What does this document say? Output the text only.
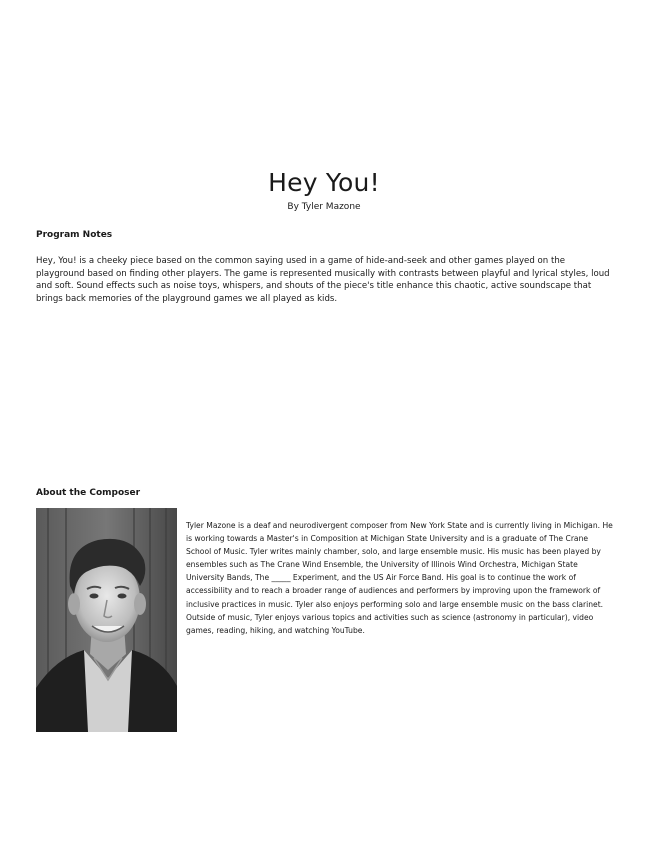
Hey You!
By Tyler Mazone
Program Notes

Hey, You! is a cheeky piece based on the common saying used in a game of hide-and-seek and other games played on the playground based on finding other players. The game is represented musically with contrasts between playful and lyrical styles, loud and soft. Sound effects such as noise toys, whispers, and shouts of the piece's title enhance this chaotic, active soundscape that brings back memories of the playground games we all played as kids.

About the Composer

Tyler Mazone is a deaf and neurodivergent composer from New York State and is currently living in Michigan. He is working towards a Master's in Composition at Michigan State University and is a graduate of The Crane School of Music. Tyler writes mainly chamber, solo, and large ensemble music. His music has been played by ensembles such as The Crane Wind Ensemble, the University of Illinois Wind Orchestra, Michigan State University Bands, The _____ Experiment, and the US Air Force Band. His goal is to continue the work of accessibility and to reach a broader range of audiences and performers by improving upon the framework of inclusive practices in music. Tyler also enjoys performing solo and large ensemble music on the bass clarinet. Outside of music, Tyler enjoys various topics and activities such as science (astronomy in particular), video games, reading, hiking, and watching YouTube.
